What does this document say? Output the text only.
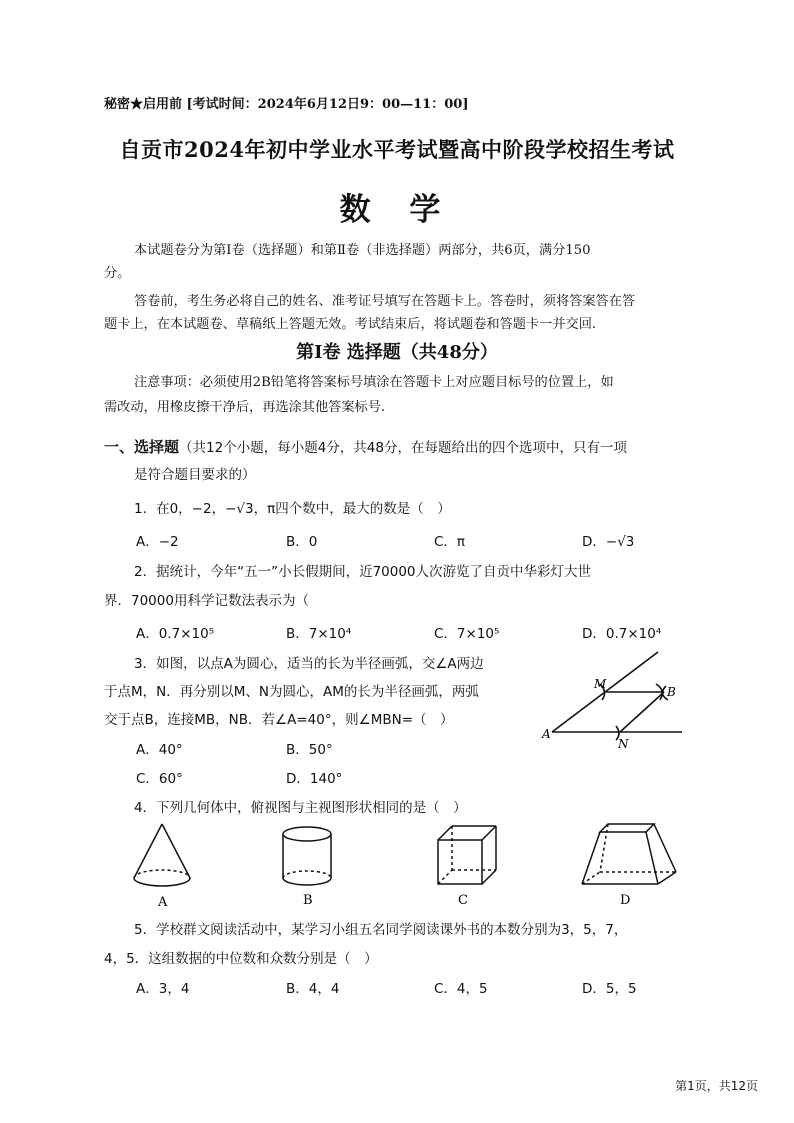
秘密★启用前 [考试时间：2024年6月12日9：00—11：00]
自贡市2024年初中学业水平考试暨高中阶段学校招生考试
数 学
本试题卷分为第Ⅰ卷（选择题）和第Ⅱ卷（非选择题）两部分，共6页，满分150
分。
答卷前，考生务必将自己的姓名、准考证号填写在答题卡上。答卷时，须将答案答在答
题卡上，在本试题卷、草稿纸上答题无效。考试结束后，将试题卷和答题卡一并交回.
第Ⅰ卷 选择题（共48分）
注意事项：必须使用2B铅笔将答案标号填涂在答题卡上对应题目标号的位置上，如
需改动，用橡皮擦干净后，再选涂其他答案标号.
一、选择题（共12个小题，每小题4分，共48分，在每题给出的四个选项中，只有一项
是符合题目要求的）
1．在0，−2，−√3，π四个数中，最大的数是（　）
A．−2	B．0	C．π	D．−√3
2．据统计，今年“五一”小长假期间，近70000人次游览了自贡中华彩灯大世
界．70000用科学记数法表示为（
A．0.7×10⁵	B．7×10⁴	C．7×10⁵	D．0.7×10⁴
3．如图，以点A为圆心，适当的长为半径画弧，交∠A两边
于点M，N．再分别以M、N为圆心，AM的长为半径画弧，两弧
交于点B，连接MB，NB．若∠A=40°，则∠MBN=（　）
A．40°	B．50°
C．60°	D．140°
A
M
N
B
4．下列几何体中，俯视图与主视图形状相同的是（　）
A	B	C	D
5．学校群文阅读活动中，某学习小组五名同学阅读课外书的本数分别为3，5，7，
4，5．这组数据的中位数和众数分别是（　）
A．3，4	B．4，4	C．4，5	D．5，5
第1页，共12页
